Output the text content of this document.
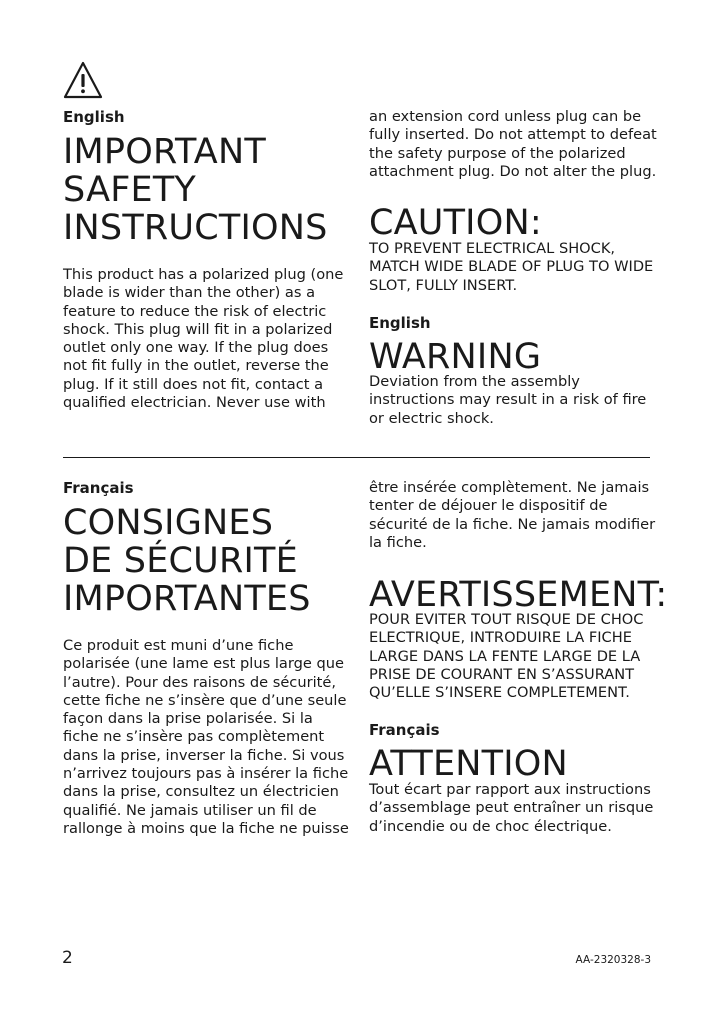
English
IMPORTANT
SAFETY
INSTRUCTIONS
This product has a polarized plug (one
blade is wider than the other) as a
feature to reduce the risk of electric
shock. This plug will fit in a polarized
outlet only one way. If the plug does
not fit fully in the outlet, reverse the
plug. If it still does not fit, contact a
qualified electrician. Never use with
an extension cord unless plug can be
fully inserted. Do not attempt to defeat
the safety purpose of the polarized
attachment plug. Do not alter the plug.
CAUTION:
TO PREVENT ELECTRICAL SHOCK,
MATCH WIDE BLADE OF PLUG TO WIDE
SLOT, FULLY INSERT.
English
WARNING
Deviation from the assembly
instructions may result in a risk of fire
or electric shock.
Français
CONSIGNES
DE SÉCURITÉ
IMPORTANTES
Ce produit est muni d’une fiche
polarisée (une lame est plus large que
l’autre). Pour des raisons de sécurité,
cette fiche ne s’insère que d’une seule
façon dans la prise polarisée. Si la
fiche ne s’insère pas complètement
dans la prise, inverser la fiche. Si vous
n’arrivez toujours pas à insérer la fiche
dans la prise, consultez un électricien
qualifié. Ne jamais utiliser un fil de
rallonge à moins que la fiche ne puisse
être insérée complètement. Ne jamais
tenter de déjouer le dispositif de
sécurité de la fiche. Ne jamais modifier
la fiche.
AVERTISSEMENT:
POUR EVITER TOUT RISQUE DE CHOC
ELECTRIQUE, INTRODUIRE LA FICHE
LARGE DANS LA FENTE LARGE DE LA
PRISE DE COURANT EN S’ASSURANT
QU’ELLE S’INSERE COMPLETEMENT.
Français
ATTENTION
Tout écart par rapport aux instructions
d’assemblage peut entraîner un risque
d’incendie ou de choc électrique.
2	AA-2320328-3
